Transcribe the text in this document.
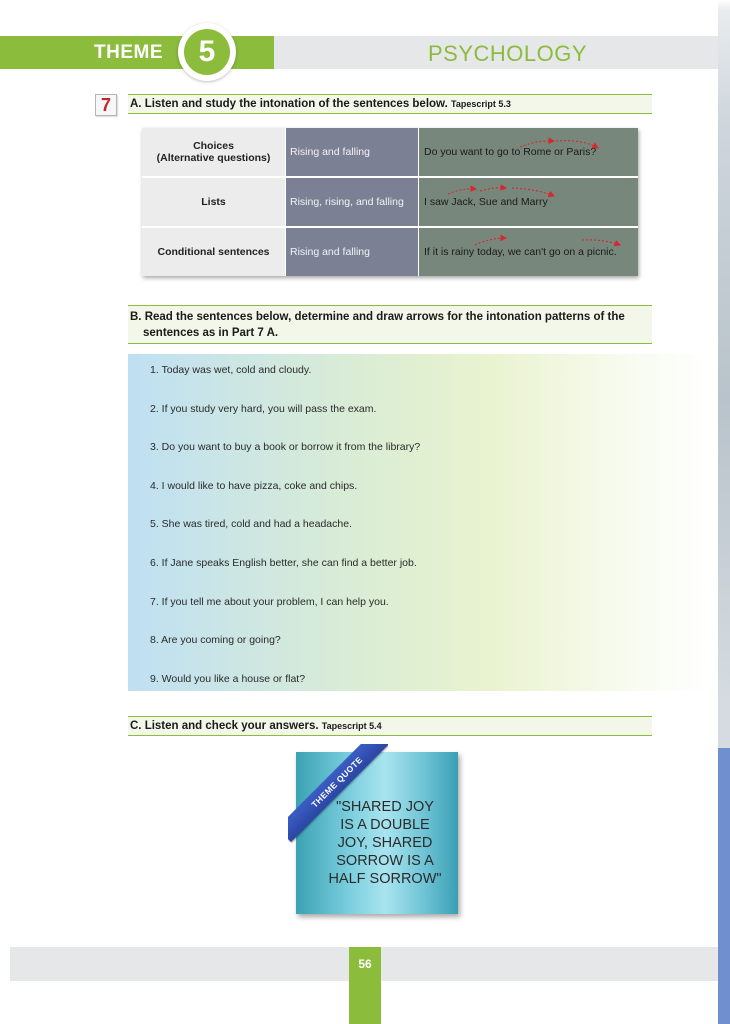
THEME	5	PSYCHOLOGY
7	A. Listen and study the intonation of the sentences below. Tapescript 5.3
Choices
(Alternative questions)	Rising and falling	Do you want to go to Rome or Paris?
Lists	Rising, rising, and falling	I saw Jack, Sue and Marry
Conditional sentences	Rising and falling	If it is rainy today, we can't go on a picnic.
B. Read the sentences below, determine and draw arrows for the intonation patterns of the
sentences as in Part 7 A.
1. Today was wet, cold and cloudy.
2. If you study very hard, you will pass the exam.
3. Do you want to buy a book or borrow it from the library?
4. I would like to have pizza, coke and chips.
5. She was tired, cold and had a headache.
6. If Jane speaks English better, she can find a better job.
7. If you tell me about your problem, I can help you.
8. Are you coming or going?
9. Would you like a house or flat?
C. Listen and check your answers. Tapescript 5.4
"SHARED JOY
IS A DOUBLE
JOY, SHARED
SORROW IS A
HALF SORROW"
THEME QUOTE
56
